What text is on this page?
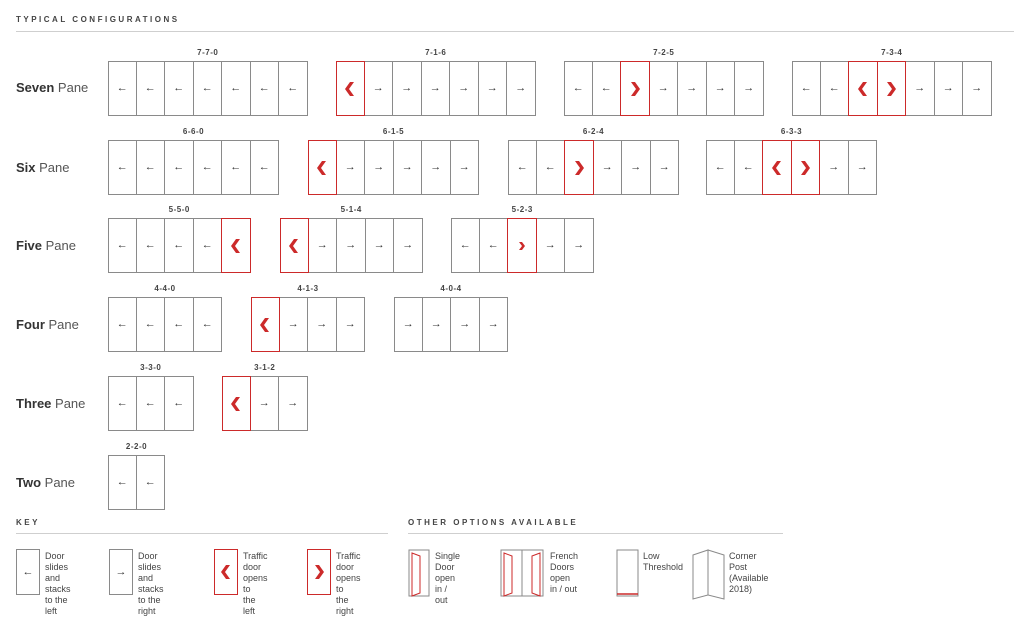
TYPICAL CONFIGURATIONS
Seven Pane
7-7-0
← ← ← ← ← ← ←
7-1-6
→ → → → → →
7-2-5
← ←	→ → → →
7-3-4
← ←	→ → →
Six Pane
6-6-0
← ← ← ← ← ←
6-1-5
→ → → → →
6-2-4
← ←	→ → →
6-3-3
← ←	→ →
Five Pane
5-5-0
← ← ← ←
5-1-4
→ → → →
5-2-3
← ←	→ →
Four Pane
4-4-0
← ← ← ←
4-1-3
→ → →
4-0-4
→ → → →
Three Pane
3-3-0
← ← ←
3-1-2
→ →
Two Pane
2-2-0
← ←
KEY
←
Door slides
and stacks
to the left
→
Door slides
and stacks
to the right
Traffic door
opens to
the left
Traffic door
opens to
the right
OTHER OPTIONS AVAILABLE
Single Door
open in / out
French Doors
open in / out
Low
Threshold
Corner Post
(Available
2018)
